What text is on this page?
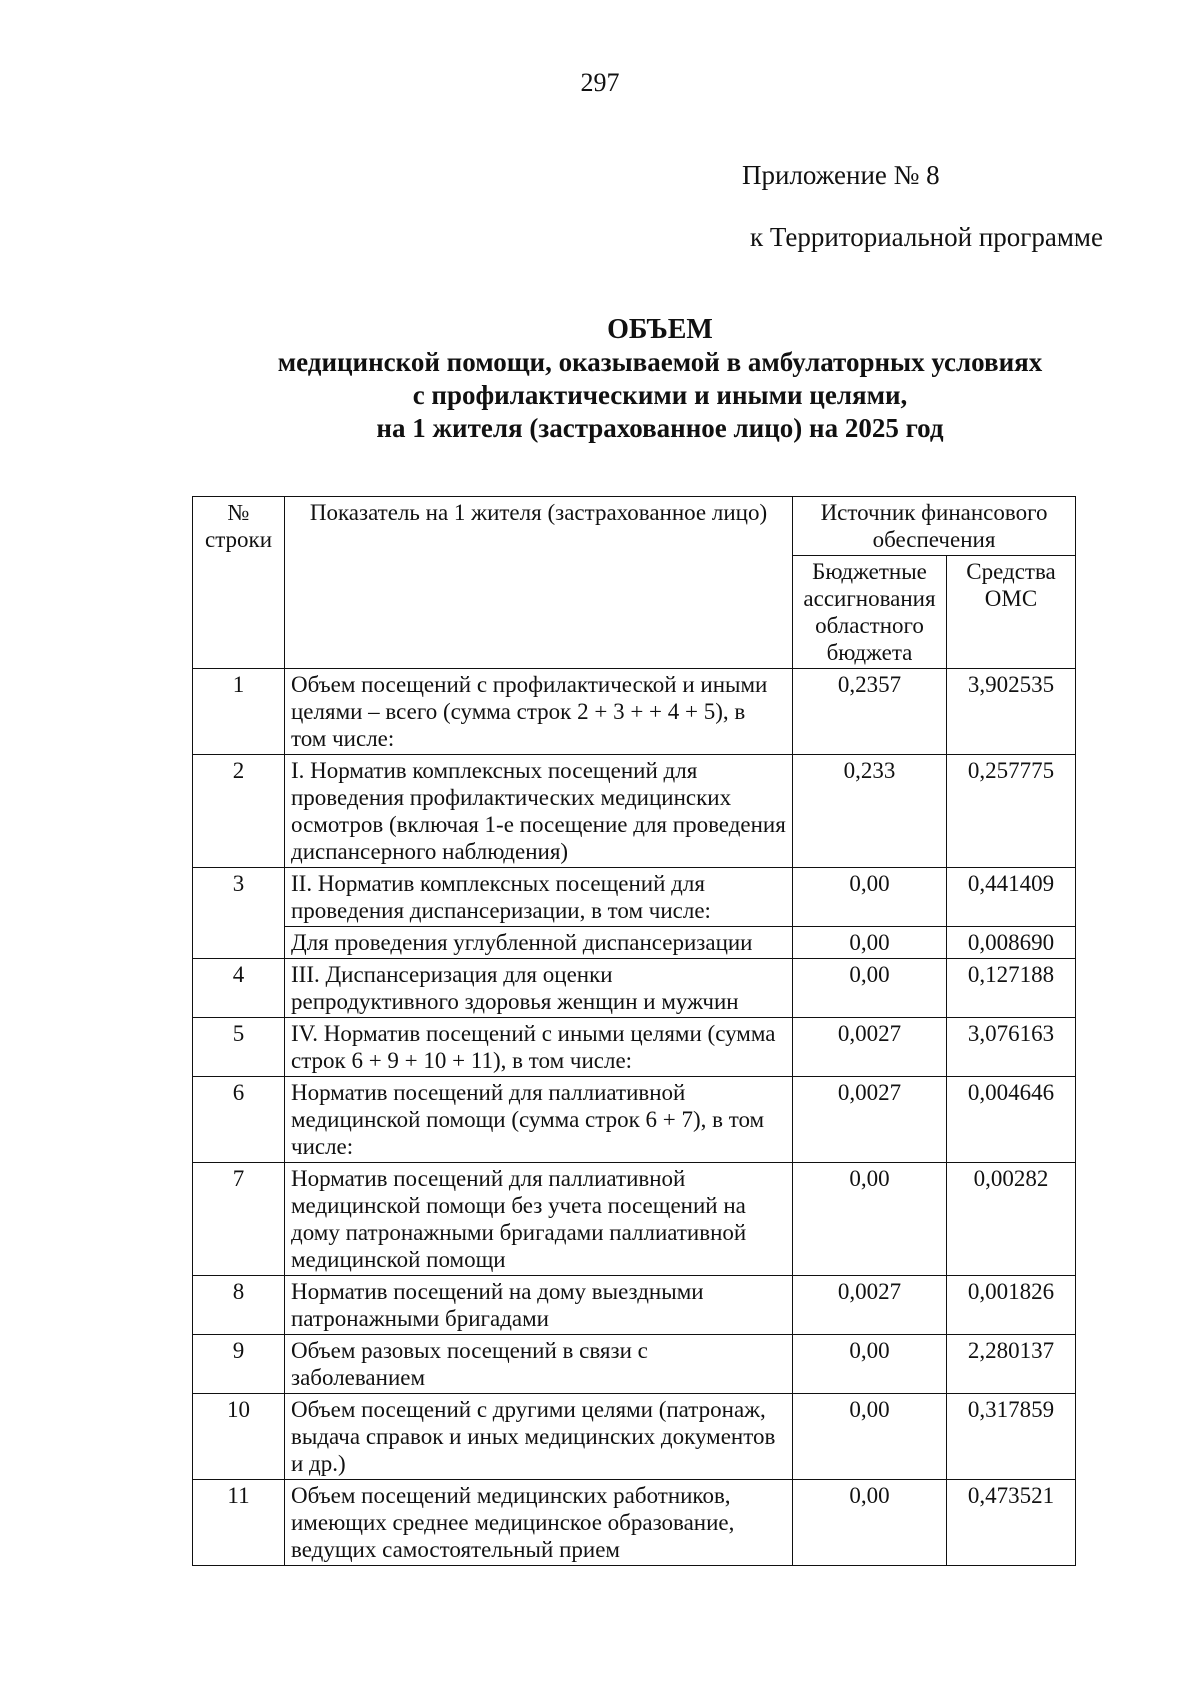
297
Приложение № 8
к Территориальной программе
ОБЪЕМ
медицинской помощи, оказываемой в амбулаторных условиях
с профилактическими и иными целями,
на 1 жителя (застрахованное лицо) на 2025 год
№ строки	Показатель на 1 жителя (застрахованное лицо)	Источник финансового обеспечения	
		Бюджетные ассигнования областного бюджета	Средства ОМС
1	Объем посещений с профилактической и иными целями – всего (сумма строк 2 + 3 + + 4 + 5), в том числе:	0,2357	3,902535
2	I. Норматив комплексных посещений для проведения профилактических медицинских осмотров (включая 1-е посещение для проведения диспансерного наблюдения)	0,233	0,257775
3	II. Норматив комплексных посещений для проведения диспансеризации, в том числе:	0,00	0,441409
	Для проведения углубленной диспансеризации	0,00	0,008690
4	III. Диспансеризация для оценки репродуктивного здоровья женщин и мужчин	0,00	0,127188
5	IV. Норматив посещений с иными целями (сумма строк 6 + 9 + 10 + 11), в том числе:	0,0027	3,076163
6	Норматив посещений для паллиативной медицинской помощи (сумма строк 6 + 7), в том числе:	0,0027	0,004646
7	Норматив посещений для паллиативной медицинской помощи без учета посещений на дому патронажными бригадами паллиативной медицинской помощи	0,00	0,00282
8	Норматив посещений на дому выездными патронажными бригадами	0,0027	0,001826
9	Объем разовых посещений в связи с заболеванием	0,00	2,280137
10	Объем посещений с другими целями (патронаж, выдача справок и иных медицинских документов и др.)	0,00	0,317859
11	Объем посещений медицинских работников, имеющих среднее медицинское образование, ведущих самостоятельный прием	0,00	0,473521
